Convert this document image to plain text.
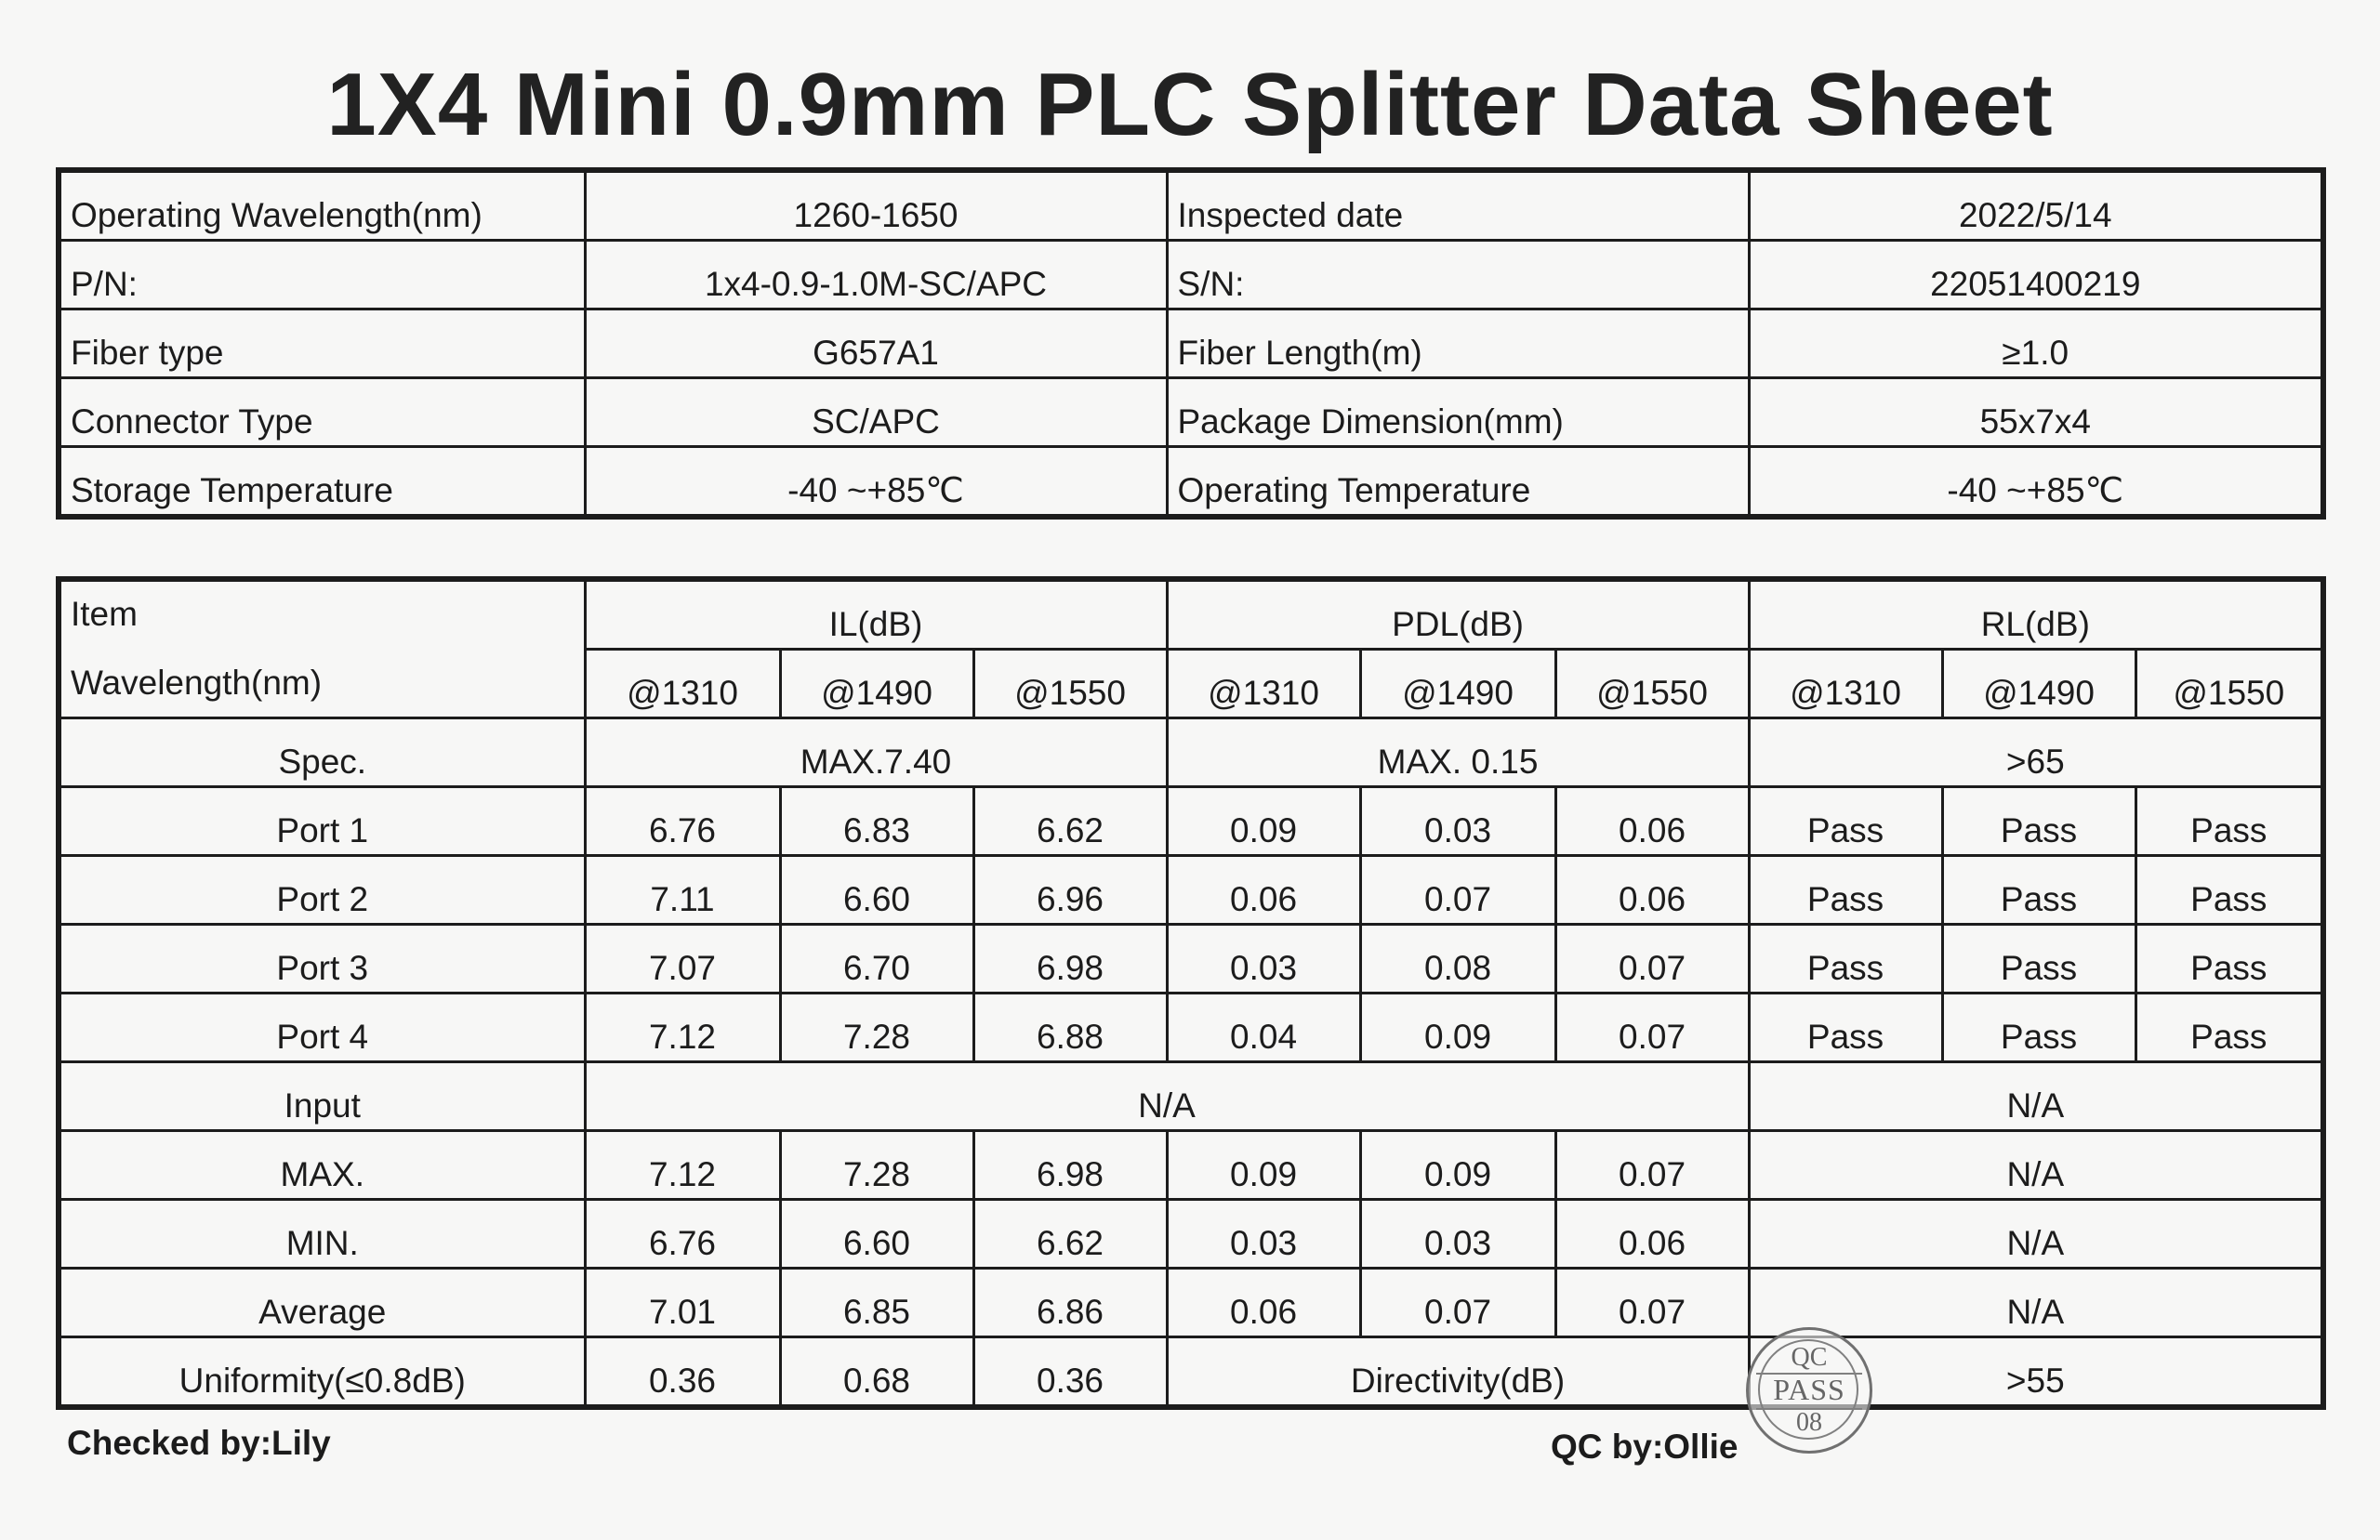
1X4 Mini 0.9mm PLC Splitter Data Sheet
Operating Wavelength(nm)	1260-1650	Inspected date	2022/5/14
P/N:	1x4-0.9-1.0M-SC/APC	S/N:	22051400219
Fiber type	G657A1	Fiber Length(m)	≥1.0
Connector Type	SC/APC	Package Dimension(mm)	55x7x4
Storage Temperature	-40 ~+85℃	Operating Temperature	-40 ~+85℃
Item
Wavelength(nm)	IL(dB)			PDL(dB)			RL(dB)		
	@1310	@1490	@1550	@1310	@1490	@1550	@1310	@1490	@1550
Spec.	MAX.7.40			MAX. 0.15			>65		
Port 1	6.76	6.83	6.62	0.09	0.03	0.06	Pass	Pass	Pass
Port 2	7.11	6.60	6.96	0.06	0.07	0.06	Pass	Pass	Pass
Port 3	7.07	6.70	6.98	0.03	0.08	0.07	Pass	Pass	Pass
Port 4	7.12	7.28	6.88	0.04	0.09	0.07	Pass	Pass	Pass
Input	N/A						N/A		
MAX.	7.12	7.28	6.98	0.09	0.09	0.07	N/A		
MIN.	6.76	6.60	6.62	0.03	0.03	0.06	N/A		
Average	7.01	6.85	6.86	0.06	0.07	0.07	N/A		
Uniformity(≤0.8dB)	0.36	0.68	0.36	Directivity(dB)			>55		
Checked by:Lily	QC by:Ollie
QC
PASS
08
